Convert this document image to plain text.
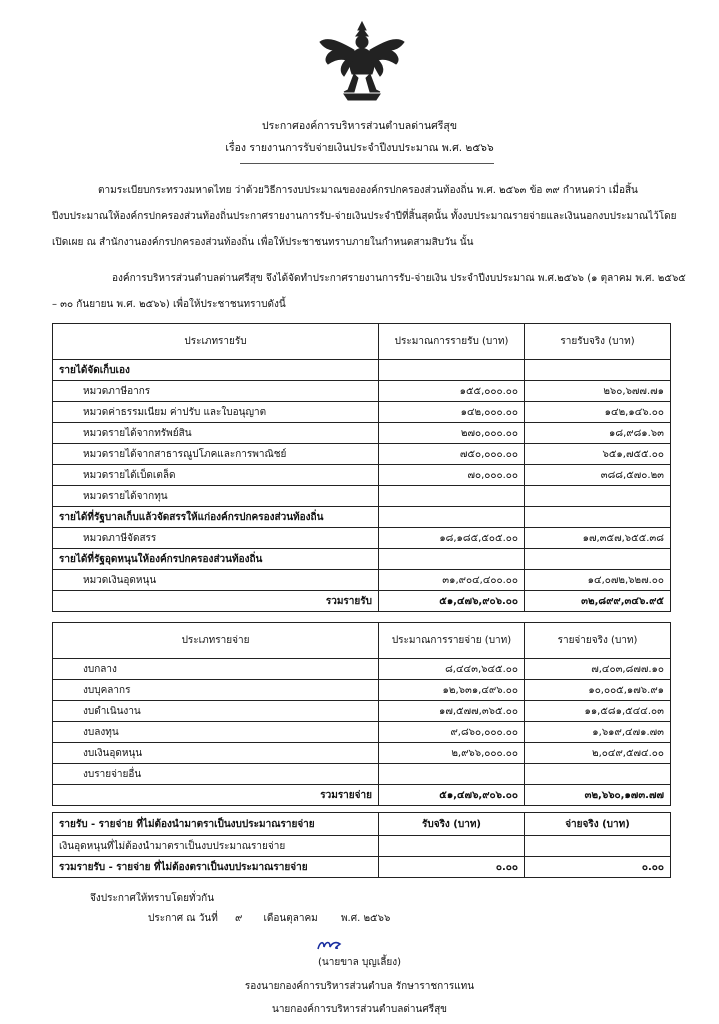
ประกาศองค์การบริหารส่วนตำบลด่านศรีสุข
เรื่อง รายงานการรับจ่ายเงินประจำปีงบประมาณ พ.ศ. ๒๕๖๖
ตามระเบียบกระทรวงมหาดไทย ว่าด้วยวิธีการงบประมาณขององค์กรปกครองส่วนท้องถิ่น พ.ศ. ๒๕๖๓ ข้อ ๓๙ กำหนดว่า เมื่อสิ้นปีงบประมาณให้องค์กรปกครองส่วนท้องถิ่นประกาศรายงานการรับ-จ่ายเงินประจำปีที่สิ้นสุดนั้น ทั้งงบประมาณรายจ่ายและเงินนอกงบประมาณไว้โดยเปิดเผย ณ สำนักงานองค์กรปกครองส่วนท้องถิ่น เพื่อให้ประชาชนทราบภายในกำหนดสามสิบวัน นั้น
องค์การบริหารส่วนตำบลด่านศรีสุข จึงได้จัดทำประกาศรายงานการรับ-จ่ายเงิน ประจำปีงบประมาณ พ.ศ.๒๕๖๖ (๑ ตุลาคม พ.ศ. ๒๕๖๕ – ๓๐ กันยายน พ.ศ. ๒๕๖๖) เพื่อให้ประชาชนทราบดังนี้
ประเภทรายรับ	ประมาณการรายรับ (บาท)	รายรับจริง (บาท)
รายได้จัดเก็บเอง		
หมวดภาษีอากร	๑๕๕,๐๐๐.๐๐	๒๖๐,๖๗๗.๗๑
หมวดค่าธรรมเนียม ค่าปรับ และใบอนุญาต	๑๔๒,๐๐๐.๐๐	๑๔๒,๑๔๖.๐๐
หมวดรายได้จากทรัพย์สิน	๒๗๐,๐๐๐.๐๐	๑๘,๙๘๑.๖๓
หมวดรายได้จากสาธารณูปโภคและการพาณิชย์	๗๕๐,๐๐๐.๐๐	๖๕๑,๗๕๕.๐๐
หมวดรายได้เบ็ดเตล็ด	๗๐,๐๐๐.๐๐	๓๘๘,๕๗๐.๒๓
หมวดรายได้จากทุน		
รายได้ที่รัฐบาลเก็บแล้วจัดสรรให้แก่องค์กรปกครองส่วนท้องถิ่น		
หมวดภาษีจัดสรร	๑๘,๑๘๕,๕๐๕.๐๐	๑๗,๓๕๗,๖๕๕.๓๘
รายได้ที่รัฐอุดหนุนให้องค์กรปกครองส่วนท้องถิ่น		
หมวดเงินอุดหนุน	๓๑,๙๐๔,๔๐๐.๐๐	๑๔,๐๗๒,๖๒๗.๐๐
รวมรายรับ	๕๑,๔๗๖,๙๐๖.๐๐	๓๒,๘๙๙,๓๔๖.๙๕
ประเภทรายจ่าย	ประมาณการรายจ่าย (บาท)	รายจ่ายจริง (บาท)
งบกลาง	๘,๔๔๓,๖๔๕.๐๐	๗,๔๐๓,๘๗๗.๑๐
งบบุคลากร	๑๒,๖๓๑,๔๙๖.๐๐	๑๐,๐๐๕,๑๗๖.๙๑
งบดำเนินงาน	๑๗,๕๗๗,๓๖๕.๐๐	๑๑,๕๘๑,๕๔๔.๐๓
งบลงทุน	๙,๘๖๐,๐๐๐.๐๐	๑,๖๑๙,๔๗๑.๗๓
งบเงินอุดหนุน	๒,๙๖๖,๐๐๐.๐๐	๒,๐๔๙,๕๗๔.๐๐
งบรายจ่ายอื่น		
รวมรายจ่าย	๕๑,๔๗๖,๙๐๖.๐๐	๓๒,๖๖๐,๑๗๓.๗๗
รายรับ - รายจ่าย ที่ไม่ต้องนำมาตราเป็นงบประมาณรายจ่าย	รับจริง (บาท)	จ่ายจริง (บาท)
เงินอุดหนุนที่ไม่ต้องนำมาตราเป็นงบประมาณรายจ่าย		
รวมรายรับ - รายจ่าย ที่ไม่ต้องตราเป็นงบประมาณรายจ่าย	๐.๐๐	๐.๐๐
จึงประกาศให้ทราบโดยทั่วกัน
ประกาศ ณ วันที่ ๙ เดือนตุลาคม พ.ศ. ๒๕๖๖
(นายขาล บุญเลี้ยง)
รองนายกองค์การบริหารส่วนตำบล รักษาราชการแทน
นายกองค์การบริหารส่วนตำบลด่านศรีสุข
